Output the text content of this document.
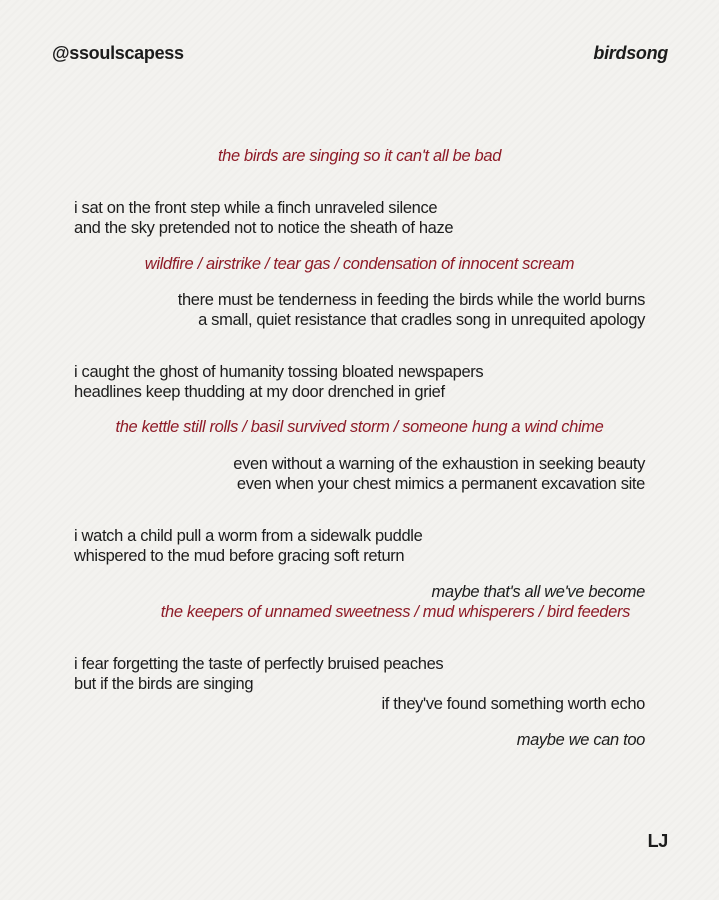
@ssoulscapess	birdsong
the birds are singing so it can't all be bad
i sat on the front step while a finch unraveled silence
and the sky pretended not to notice the sheath of haze
wildfire / airstrike / tear gas / condensation of innocent scream
there must be tenderness in feeding the birds while the world burns
a small, quiet resistance that cradles song in unrequited apology
i caught the ghost of humanity tossing bloated newspapers
headlines keep thudding at my door drenched in grief
the kettle still rolls / basil survived storm / someone hung a wind chime
even without a warning of the exhaustion in seeking beauty
even when your chest mimics a permanent excavation site
i watch a child pull a worm from a sidewalk puddle
whispered to the mud before gracing soft return
maybe that's all we've become
the keepers of unnamed sweetness / mud whisperers / bird feeders
i fear forgetting the taste of perfectly bruised peaches
but if the birds are singing
if they've found something worth echo
maybe we can too
LJ
